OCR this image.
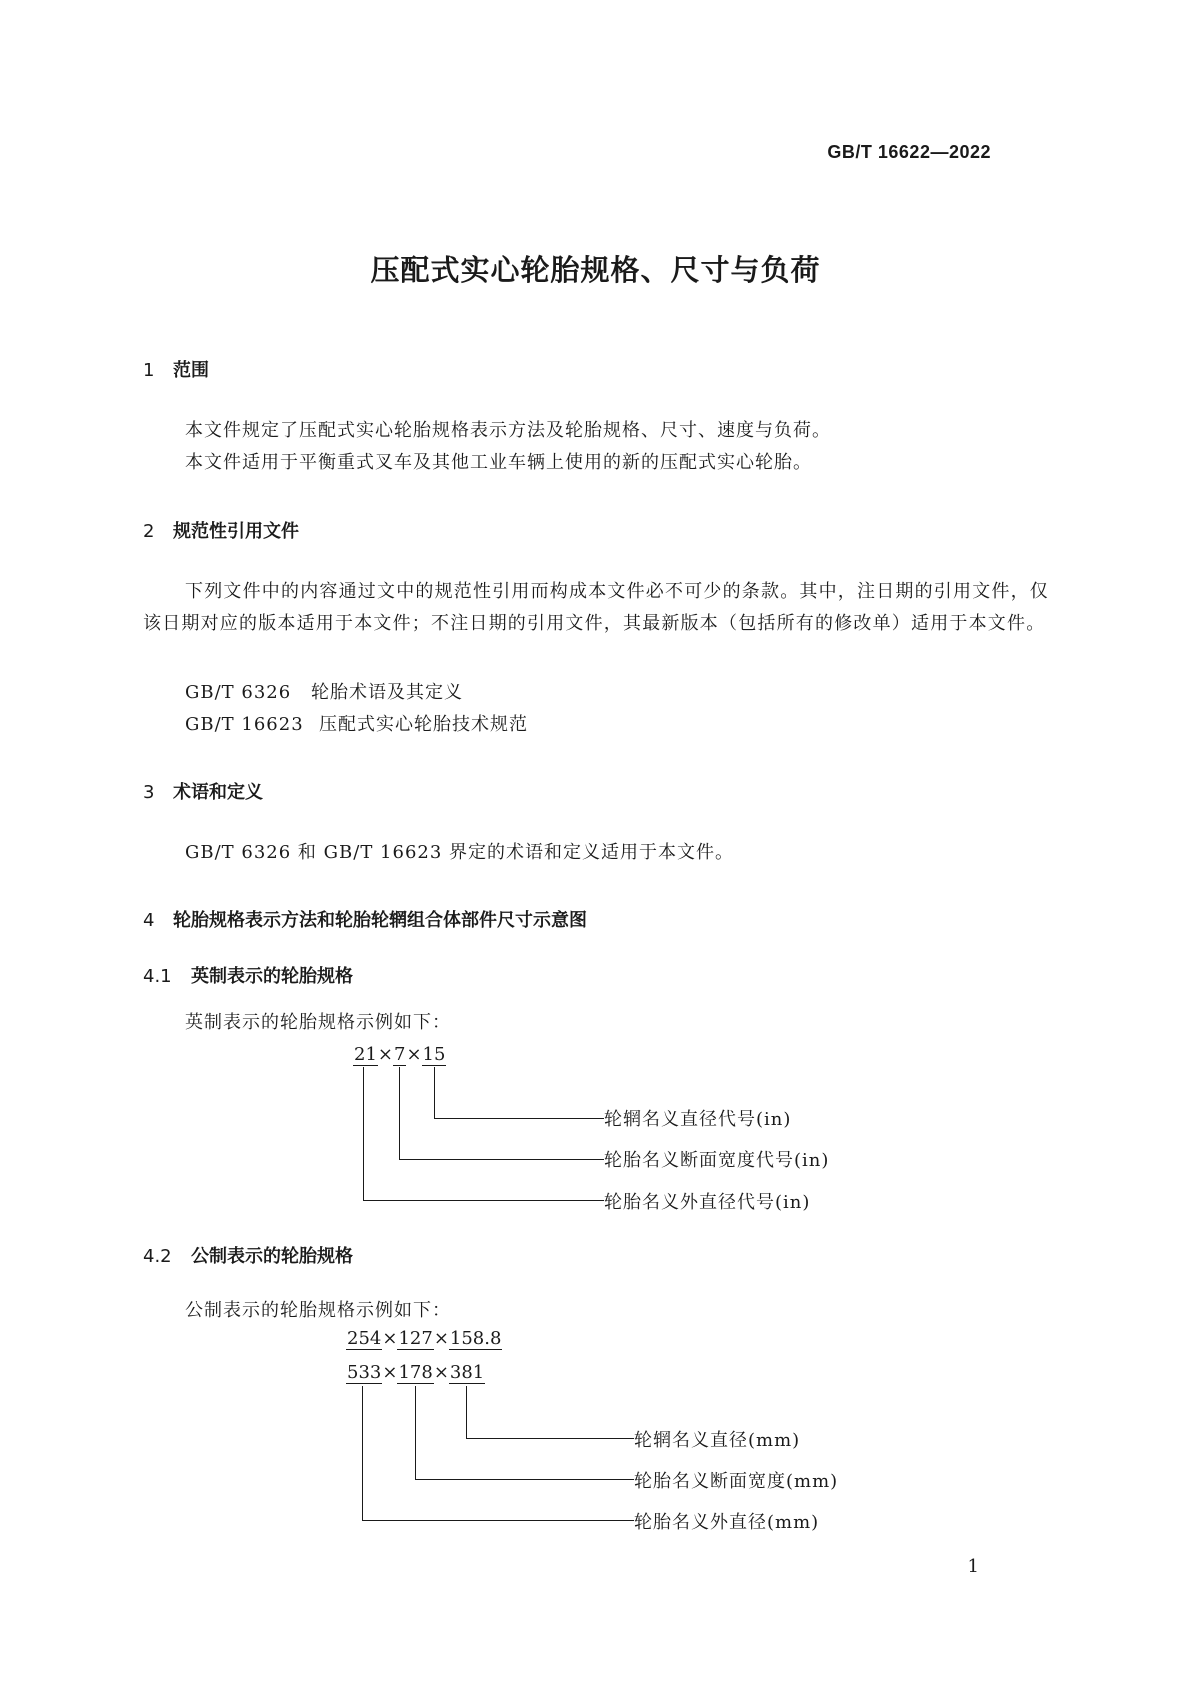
GB/T 16622—2022
压配式实心轮胎规格、尺寸与负荷
1 范围
本文件规定了压配式实心轮胎规格表示方法及轮胎规格、尺寸、速度与负荷。
本文件适用于平衡重式叉车及其他工业车辆上使用的新的压配式实心轮胎。
2 规范性引用文件
下列文件中的内容通过文中的规范性引用而构成本文件必不可少的条款。其中，注日期的引用文件，仅该日期对应的版本适用于本文件；不注日期的引用文件，其最新版本（包括所有的修改单）适用于本文件。
GB/T 6326 轮胎术语及其定义
GB/T 16623 压配式实心轮胎技术规范
3 术语和定义
GB/T 6326 和 GB/T 16623 界定的术语和定义适用于本文件。
4 轮胎规格表示方法和轮胎轮辋组合体部件尺寸示意图
4.1 英制表示的轮胎规格
英制表示的轮胎规格示例如下：
21×7×15
轮辋名义直径代号(in)
轮胎名义断面宽度代号(in)
轮胎名义外直径代号(in)
4.2 公制表示的轮胎规格
公制表示的轮胎规格示例如下：
254×127×158.8
533×178×381
轮辋名义直径(mm)
轮胎名义断面宽度(mm)
轮胎名义外直径(mm)
1
